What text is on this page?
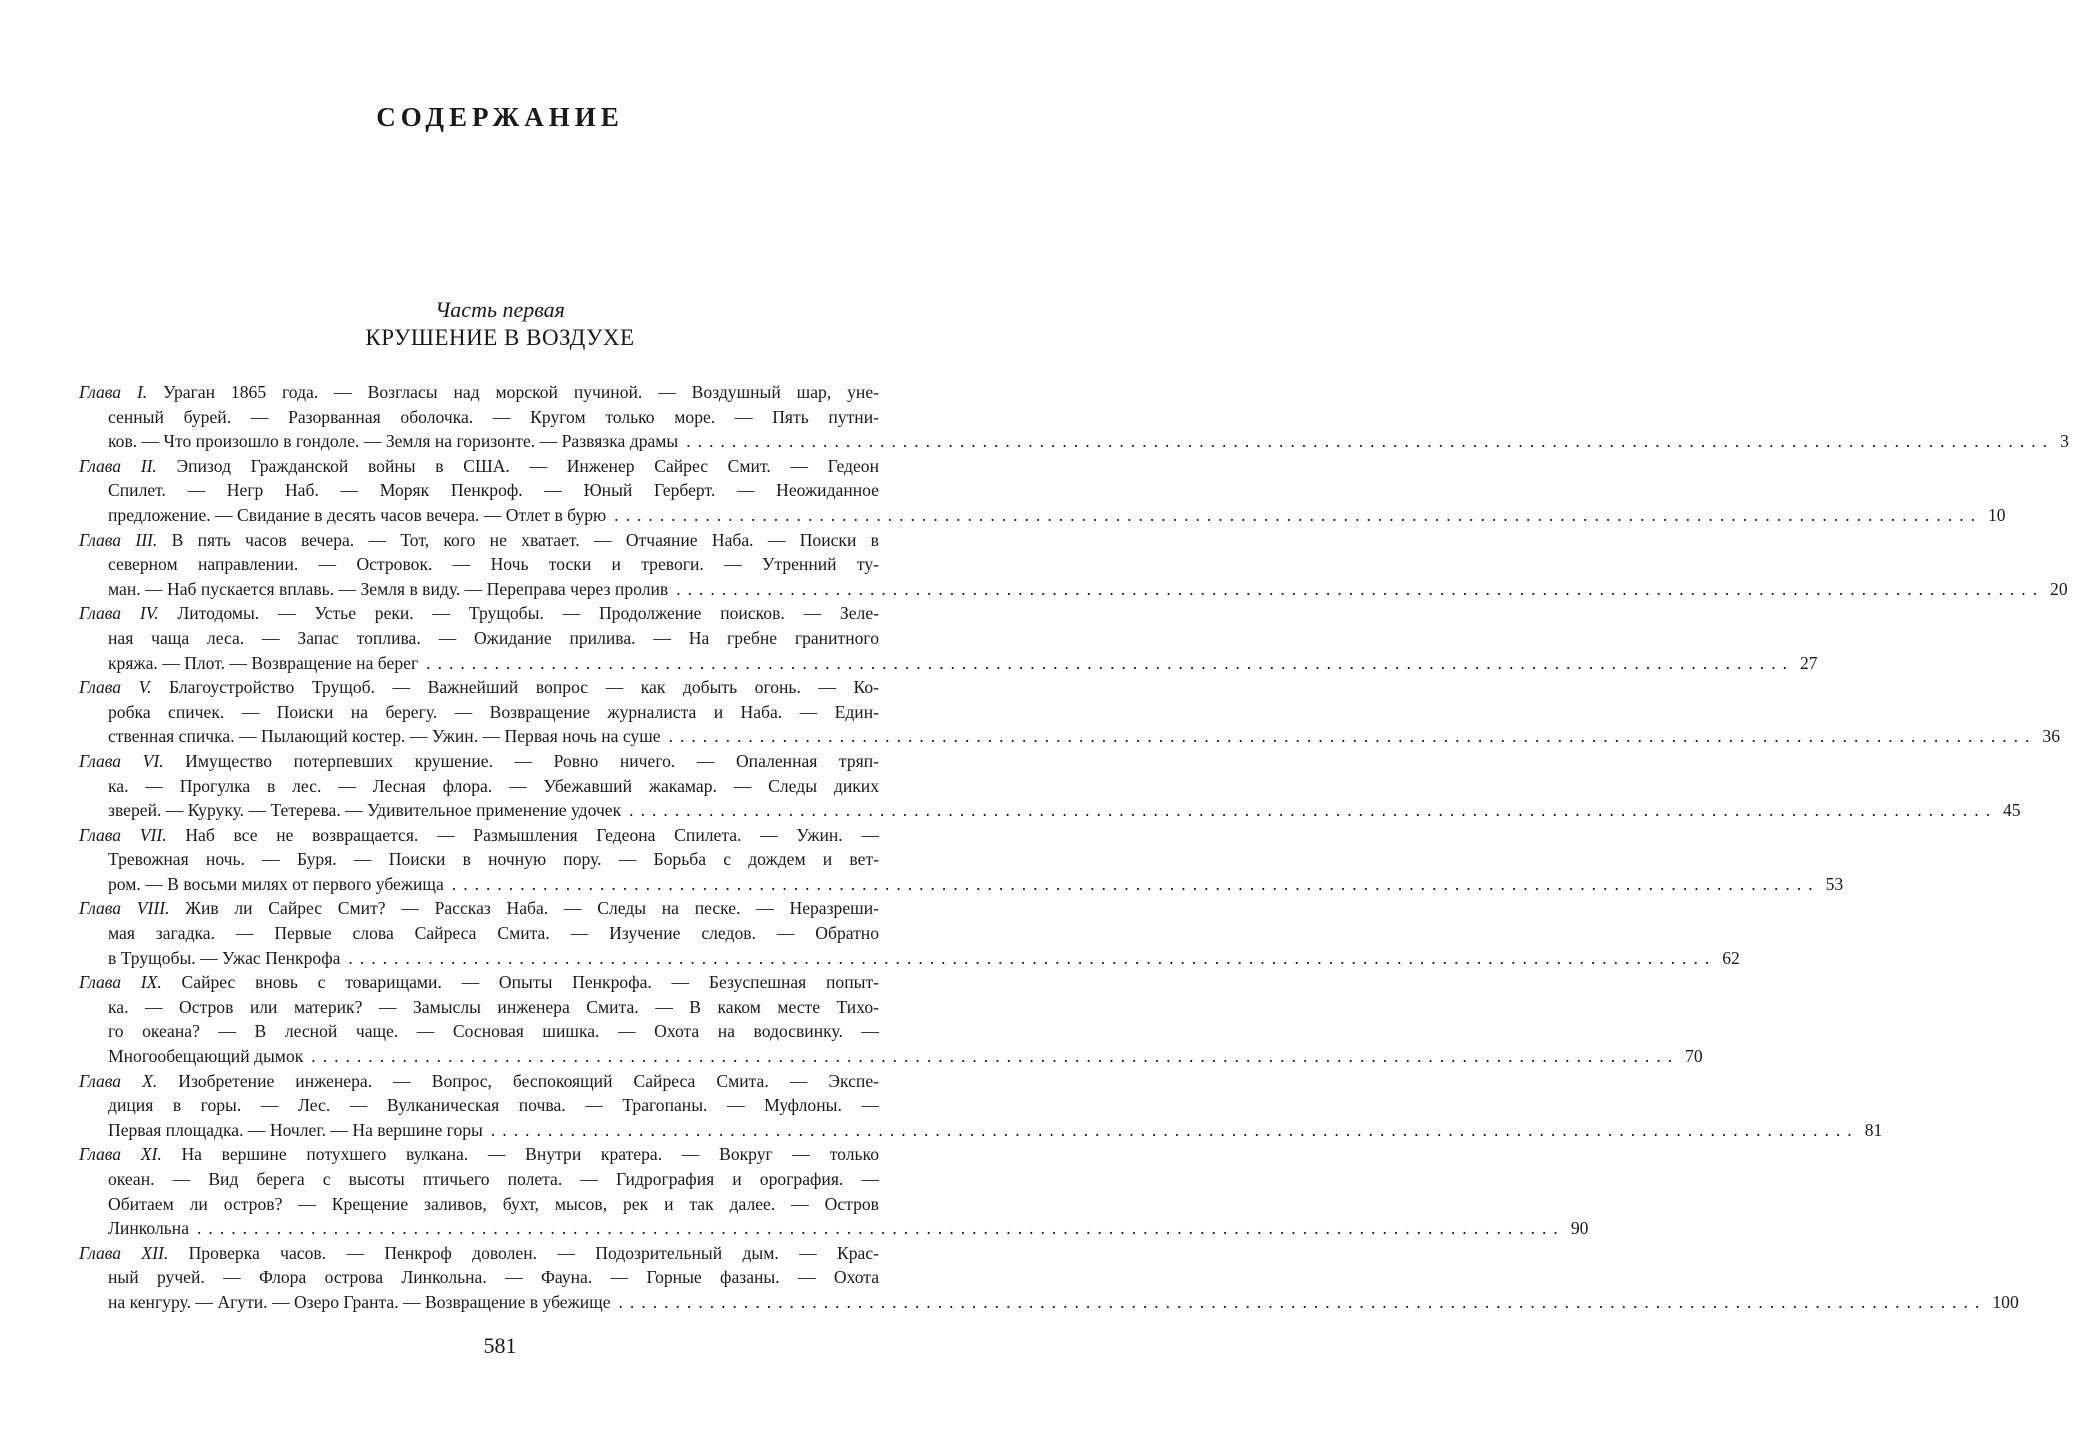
СОДЕРЖАНИЕ
Часть первая
КРУШЕНИЕ В ВОЗДУХЕ
Глава I. Ураган 1865 года. — Возгласы над морской пучиной. — Воздушный шар, уне-
сенный бурей. — Разорванная оболочка. — Кругом только море. — Пять путни-
ков. — Что произошло в гондоле. — Земля на горизонте. — Развязка драмы ........................................................................................................................ 3
Глава II. Эпизод Гражданской войны в США. — Инженер Сайрес Смит. — Гедеон
Спилет. — Негр Наб. — Моряк Пенкроф. — Юный Герберт. — Неожиданное
предложение. — Свидание в десять часов вечера. — Отлет в бурю ........................................................................................................................ 10
Глава III. В пять часов вечера. — Тот, кого не хватает. — Отчаяние Наба. — Поиски в
северном направлении. — Островок. — Ночь тоски и тревоги. — Утренний ту-
ман. — Наб пускается вплавь. — Земля в виду. — Переправа через пролив ........................................................................................................................ 20
Глава IV. Литодомы. — Устье реки. — Трущобы. — Продолжение поисков. — Зеле-
ная чаща леса. — Запас топлива. — Ожидание прилива. — На гребне гранитного
кряжа. — Плот. — Возвращение на берег ........................................................................................................................ 27
Глава V. Благоустройство Трущоб. — Важнейший вопрос — как добыть огонь. — Ко-
робка спичек. — Поиски на берегу. — Возвращение журналиста и Наба. — Един-
ственная спичка. — Пылающий костер. — Ужин. — Первая ночь на суше ........................................................................................................................ 36
Глава VI. Имущество потерпевших крушение. — Ровно ничего. — Опаленная тряп-
ка. — Прогулка в лес. — Лесная флора. — Убежавший жакамар. — Следы диких
зверей. — Куруку. — Тетерева. — Удивительное применение удочек ........................................................................................................................ 45
Глава VII. Наб все не возвращается. — Размышления Гедеона Спилета. — Ужин. —
Тревожная ночь. — Буря. — Поиски в ночную пору. — Борьба с дождем и вет-
ром. — В восьми милях от первого убежища ........................................................................................................................ 53
Глава VIII. Жив ли Сайрес Смит? — Рассказ Наба. — Следы на песке. — Неразреши-
мая загадка. — Первые слова Сайреса Смита. — Изучение следов. — Обратно
в Трущобы. — Ужас Пенкрофа ........................................................................................................................ 62
Глава IX. Сайрес вновь с товарищами. — Опыты Пенкрофа. — Безуспешная попыт-
ка. — Остров или материк? — Замыслы инженера Смита. — В каком месте Тихо-
го океана? — В лесной чаще. — Сосновая шишка. — Охота на водосвинку. —
Многообещающий дымок ........................................................................................................................ 70
Глава X. Изобретение инженера. — Вопрос, беспокоящий Сайреса Смита. — Экспе-
диция в горы. — Лес. — Вулканическая почва. — Трагопаны. — Муфлоны. —
Первая площадка. — Ночлег. — На вершине горы ........................................................................................................................ 81
Глава XI. На вершине потухшего вулкана. — Внутри кратера. — Вокруг — только
океан. — Вид берега с высоты птичьего полета. — Гидрография и орография. —
Обитаем ли остров? — Крещение заливов, бухт, мысов, рек и так далее. — Остров
Линкольна ........................................................................................................................ 90
Глава XII. Проверка часов. — Пенкроф доволен. — Подозрительный дым. — Крас-
ный ручей. — Флора острова Линкольна. — Фауна. — Горные фазаны. — Охота
на кенгуру. — Агути. — Озеро Гранта. — Возвращение в убежище ........................................................................................................................ 100
581
